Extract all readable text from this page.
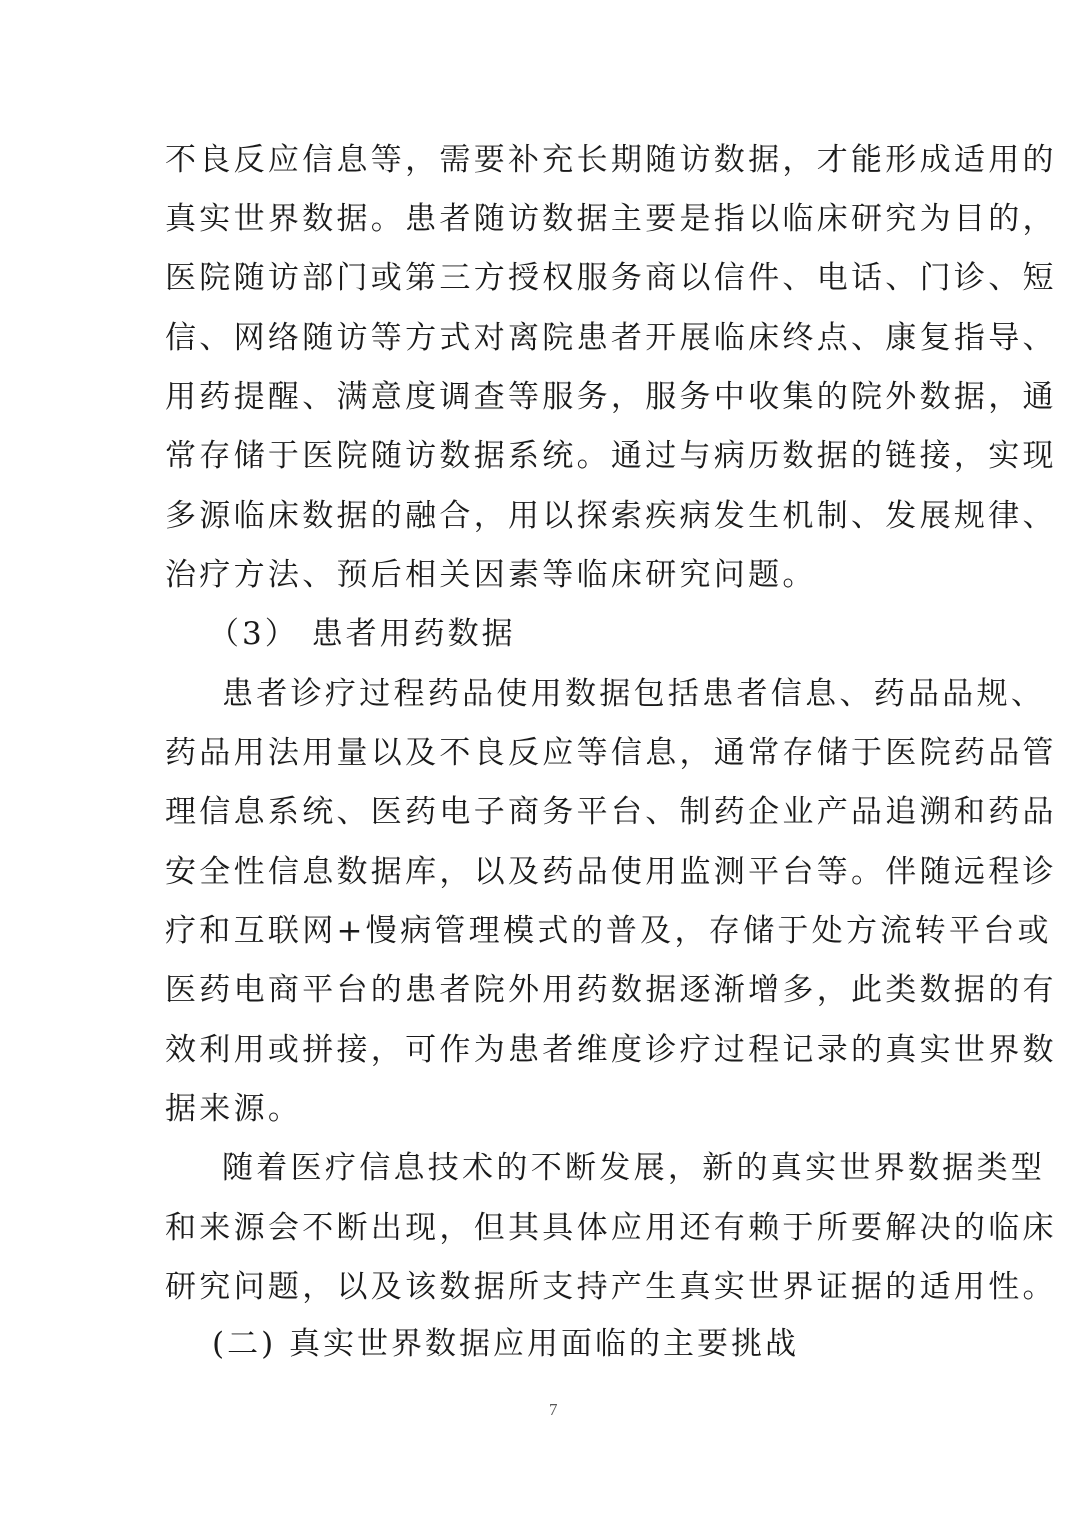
不良反应信息等，需要补充长期随访数据，才能形成适用的
真实世界数据。患者随访数据主要是指以临床研究为目的，
医院随访部门或第三方授权服务商以信件、电话、门诊、短
信、网络随访等方式对离院患者开展临床终点、康复指导、
用药提醒、满意度调查等服务，服务中收集的院外数据，通
常存储于医院随访数据系统。通过与病历数据的链接，实现
多源临床数据的融合，用以探索疾病发生机制、发展规律、
治疗方法、预后相关因素等临床研究问题。
（3） 患者用药数据
患者诊疗过程药品使用数据包括患者信息、药品品规、
药品用法用量以及不良反应等信息，通常存储于医院药品管
理信息系统、医药电子商务平台、制药企业产品追溯和药品
安全性信息数据库，以及药品使用监测平台等。伴随远程诊
疗和互联网+慢病管理模式的普及，存储于处方流转平台或
医药电商平台的患者院外用药数据逐渐增多，此类数据的有
效利用或拼接，可作为患者维度诊疗过程记录的真实世界数
据来源。
随着医疗信息技术的不断发展，新的真实世界数据类型
和来源会不断出现，但其具体应用还有赖于所要解决的临床
研究问题，以及该数据所支持产生真实世界证据的适用性。
(二) 真实世界数据应用面临的主要挑战
7
